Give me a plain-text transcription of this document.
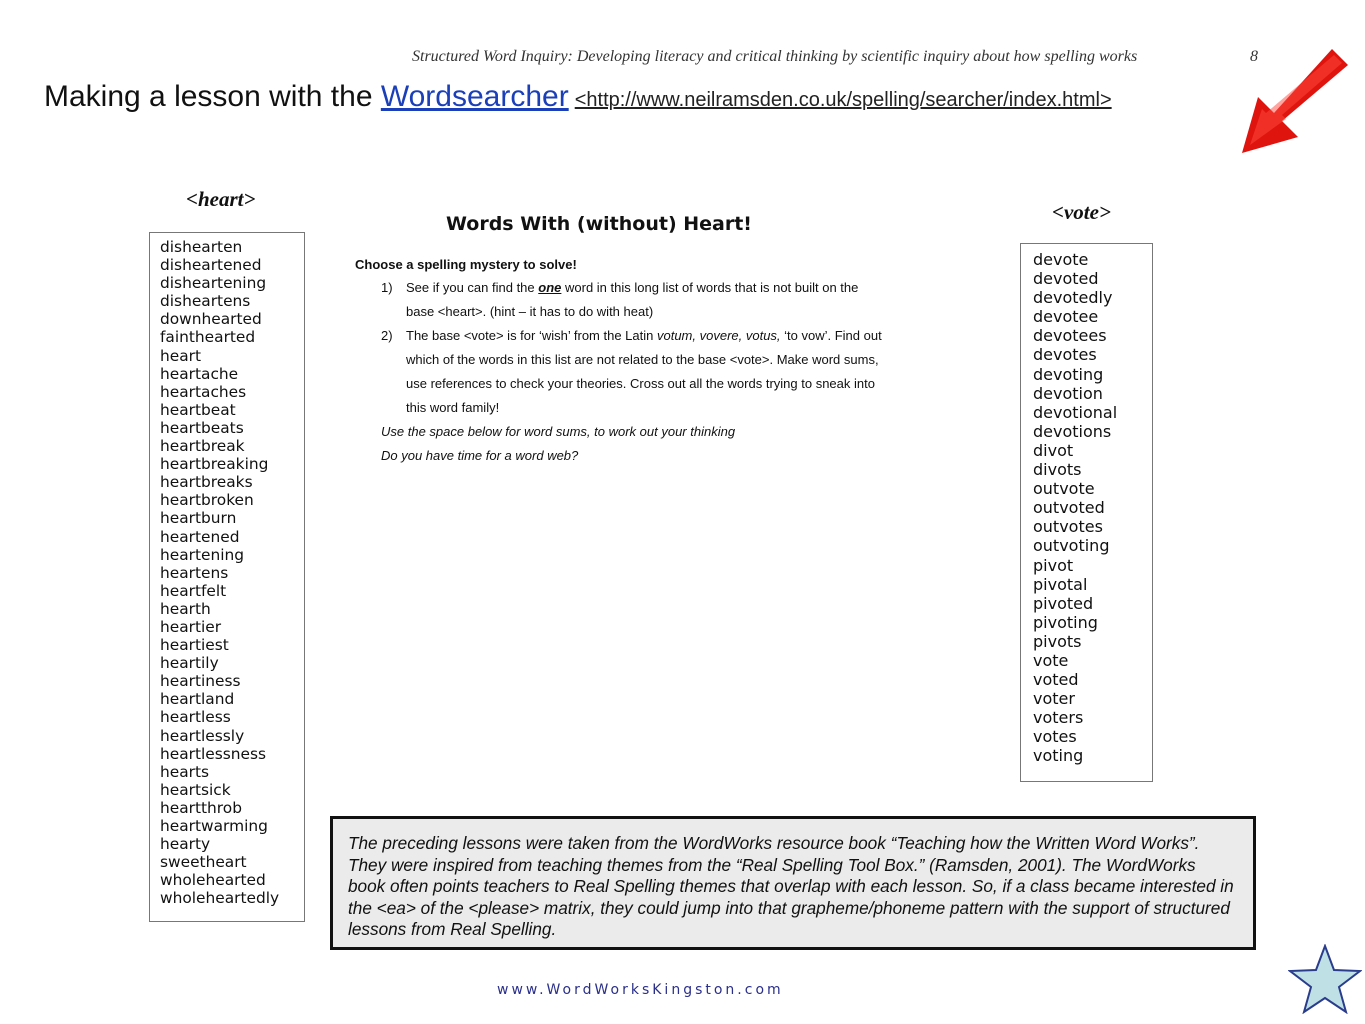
Structured Word Inquiry: Developing literacy and critical thinking by scientific inquiry about how spelling works	8
Making a lesson with the Wordsearcher <http://www.neilramsden.co.uk/spelling/searcher/index.html>
<heart>
dishearten
disheartened
disheartening
disheartens
downhearted
fainthearted
heart
heartache
heartaches
heartbeat
heartbeats
heartbreak
heartbreaking
heartbreaks
heartbroken
heartburn
heartened
heartening
heartens
heartfelt
hearth
heartier
heartiest
heartily
heartiness
heartland
heartless
heartlessly
heartlessness
hearts
heartsick
heartthrob
heartwarming
hearty
sweetheart
wholehearted
wholeheartedly
<vote>
devote
devoted
devotedly
devotee
devotees
devotes
devoting
devotion
devotional
devotions
divot
divots
outvote
outvoted
outvotes
outvoting
pivot
pivotal
pivoted
pivoting
pivots
vote
voted
voter
voters
votes
voting
Words With (without) Heart!
Choose a spelling mystery to solve!
1) See if you can find the one word in this long list of words that is not built on the
base <heart>. (hint – it has to do with heat)
2) The base <vote> is for ‘wish’ from the Latin votum, vovere, votus, ‘to vow’. Find out
which of the words in this list are not related to the base <vote>. Make word sums,
use references to check your theories. Cross out all the words trying to sneak into
this word family!
Use the space below for word sums, to work out your thinking
Do you have time for a word web?

The preceding lessons were taken from the WordWorks resource book “Teaching how the Written Word Works”. They were inspired from teaching themes from the “Real Spelling Tool Box.” (Ramsden, 2001). The WordWorks book often points teachers to Real Spelling themes that overlap with each lesson. So, if a class became interested in the <ea> of the <please> matrix, they could jump into that grapheme/phoneme pattern with the support of structured lessons from Real Spelling.

www.WordWorksKingston.com
